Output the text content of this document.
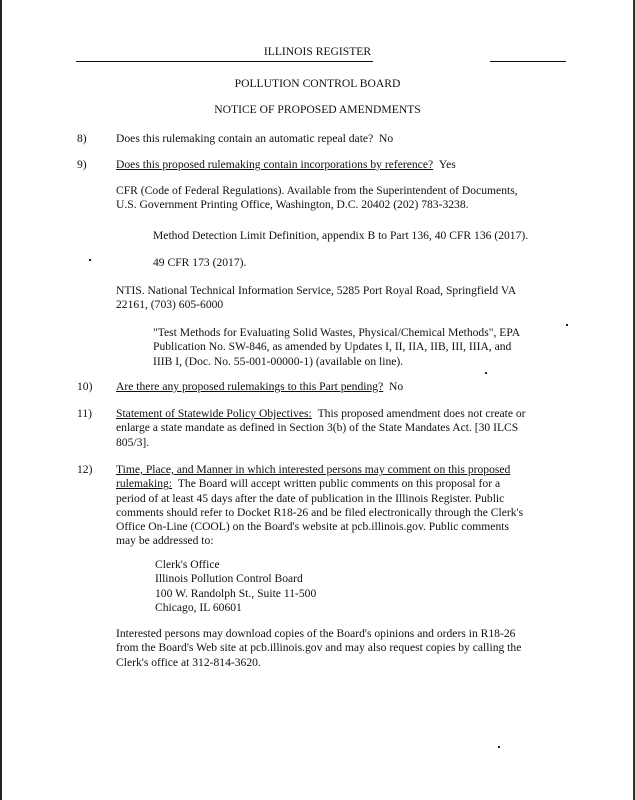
ILLINOIS REGISTER
POLLUTION CONTROL BOARD
NOTICE OF PROPOSED AMENDMENTS
8)	Does this rulemaking contain an automatic repeal date? No
9)	Does this proposed rulemaking contain incorporations by reference? Yes
CFR (Code of Federal Regulations). Available from the Superintendent of Documents,
U.S. Government Printing Office, Washington, D.C. 20402 (202) 783-3238.
Method Detection Limit Definition, appendix B to Part 136, 40 CFR 136 (2017).
49 CFR 173 (2017).
NTIS. National Technical Information Service, 5285 Port Royal Road, Springfield VA
22161, (703) 605-6000
"Test Methods for Evaluating Solid Wastes, Physical/Chemical Methods", EPA
Publication No. SW-846, as amended by Updates I, II, IIA, IIB, III, IIIA, and
IIIB I, (Doc. No. 55-001-00000-1) (available on line).
10) Are there any proposed rulemakings to this Part pending? No
11) Statement of Statewide Policy Objectives: This proposed amendment does not create or
enlarge a state mandate as defined in Section 3(b) of the State Mandates Act. [30 ILCS
805/3].
12) Time, Place, and Manner in which interested persons may comment on this proposed
rulemaking: The Board will accept written public comments on this proposal for a
period of at least 45 days after the date of publication in the Illinois Register. Public
comments should refer to Docket R18-26 and be filed electronically through the Clerk's
Office On-Line (COOL) on the Board's website at pcb.illinois.gov. Public comments
may be addressed to:
Clerk's Office
Illinois Pollution Control Board
100 W. Randolph St., Suite 11-500
Chicago, IL 60601
Interested persons may download copies of the Board's opinions and orders in R18-26
from the Board's Web site at pcb.illinois.gov and may also request copies by calling the
Clerk's office at 312-814-3620.
